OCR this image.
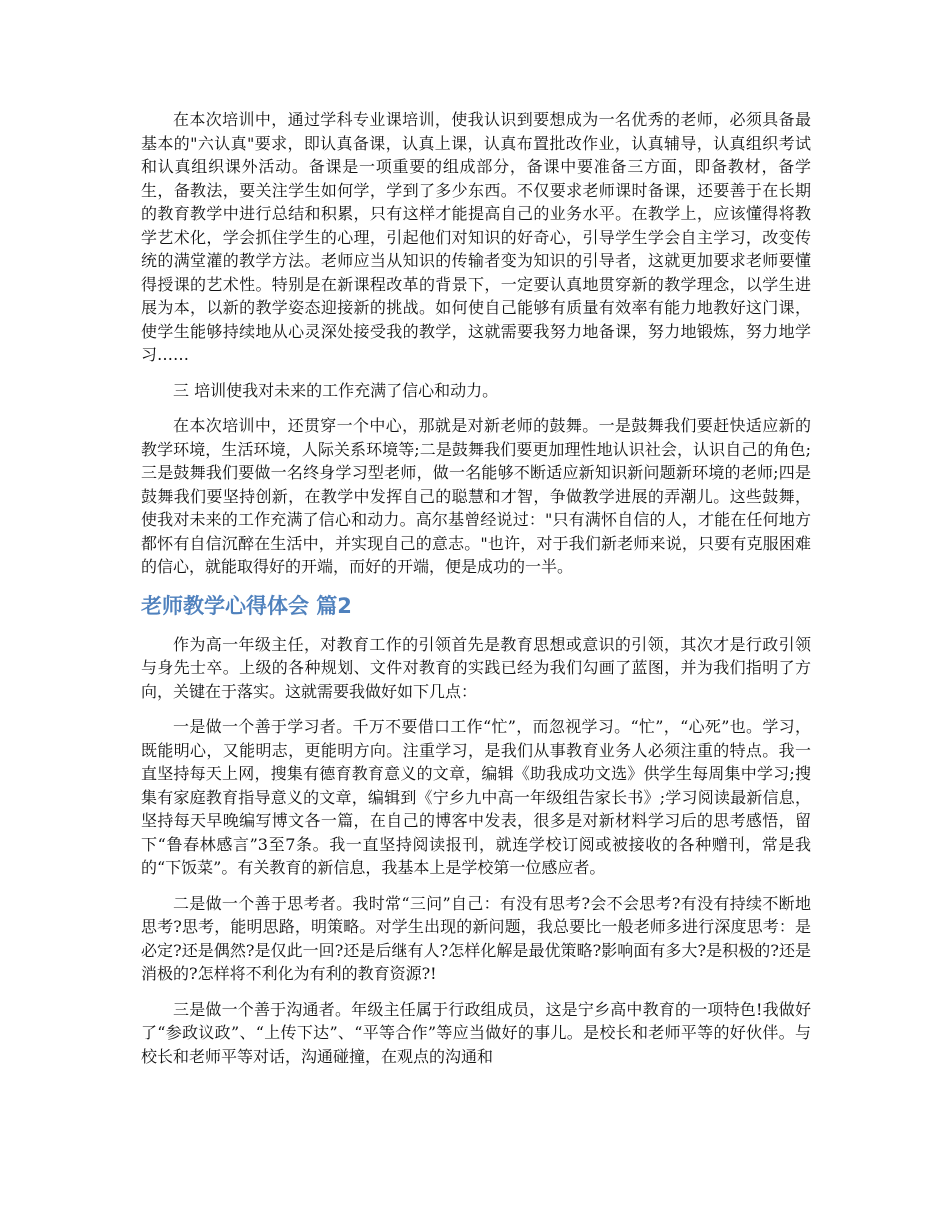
在本次培训中，通过学科专业课培训，使我认识到要想成为一名优秀的老师，必须具备最基本的"六认真"要求，即认真备课，认真上课，认真布置批改作业，认真辅导，认真组织考试和认真组织课外活动。备课是一项重要的组成部分，备课中要准备三方面，即备教材，备学生，备教法，要关注学生如何学，学到了多少东西。不仅要求老师课时备课，还要善于在长期的教育教学中进行总结和积累，只有这样才能提高自己的业务水平。在教学上，应该懂得将教学艺术化，学会抓住学生的心理，引起他们对知识的好奇心，引导学生学会自主学习，改变传统的满堂灌的教学方法。老师应当从知识的传输者变为知识的引导者，这就更加要求老师要懂得授课的艺术性。特别是在新课程改革的背景下，一定要认真地贯穿新的教学理念，以学生进展为本，以新的教学姿态迎接新的挑战。如何使自己能够有质量有效率有能力地教好这门课，使学生能够持续地从心灵深处接受我的教学，这就需要我努力地备课，努力地锻炼，努力地学习……

三 培训使我对未来的工作充满了信心和动力。

在本次培训中，还贯穿一个中心，那就是对新老师的鼓舞。一是鼓舞我们要赶快适应新的教学环境，生活环境，人际关系环境等;二是鼓舞我们要更加理性地认识社会，认识自己的角色;三是鼓舞我们要做一名终身学习型老师，做一名能够不断适应新知识新问题新环境的老师;四是鼓舞我们要坚持创新，在教学中发挥自己的聪慧和才智，争做教学进展的弄潮儿。这些鼓舞，使我对未来的工作充满了信心和动力。高尔基曾经说过："只有满怀自信的人，才能在任何地方都怀有自信沉醉在生活中，并实现自己的意志。"也许，对于我们新老师来说，只要有克服困难的信心，就能取得好的开端，而好的开端，便是成功的一半。

老师教学心得体会 篇2

作为高一年级主任，对教育工作的引领首先是教育思想或意识的引领，其次才是行政引领与身先士卒。上级的各种规划、文件对教育的实践已经为我们勾画了蓝图，并为我们指明了方向，关键在于落实。这就需要我做好如下几点：

一是做一个善于学习者。千万不要借口工作“忙”，而忽视学习。“忙”，“心死”也。学习，既能明心，又能明志，更能明方向。注重学习，是我们从事教育业务人必须注重的特点。我一直坚持每天上网，搜集有德育教育意义的文章，编辑《助我成功文选》供学生每周集中学习;搜集有家庭教育指导意义的文章，编辑到《宁乡九中高一年级组告家长书》;学习阅读最新信息，坚持每天早晚编写博文各一篇，在自己的博客中发表，很多是对新材料学习后的思考感悟，留下“鲁春林感言”3至7条。我一直坚持阅读报刊，就连学校订阅或被接收的各种赠刊，常是我的“下饭菜”。有关教育的新信息，我基本上是学校第一位感应者。

二是做一个善于思考者。我时常“三问”自己：有没有思考?会不会思考?有没有持续不断地思考?思考，能明思路，明策略。对学生出现的新问题，我总要比一般老师多进行深度思考：是必定?还是偶然?是仅此一回?还是后继有人?怎样化解是最优策略?影响面有多大?是积极的?还是消极的?怎样将不利化为有利的教育资源?!

三是做一个善于沟通者。年级主任属于行政组成员，这是宁乡高中教育的一项特色!我做好了“参政议政”、“上传下达”、“平等合作”等应当做好的事儿。是校长和老师平等的好伙伴。与校长和老师平等对话，沟通碰撞，在观点的沟通和
